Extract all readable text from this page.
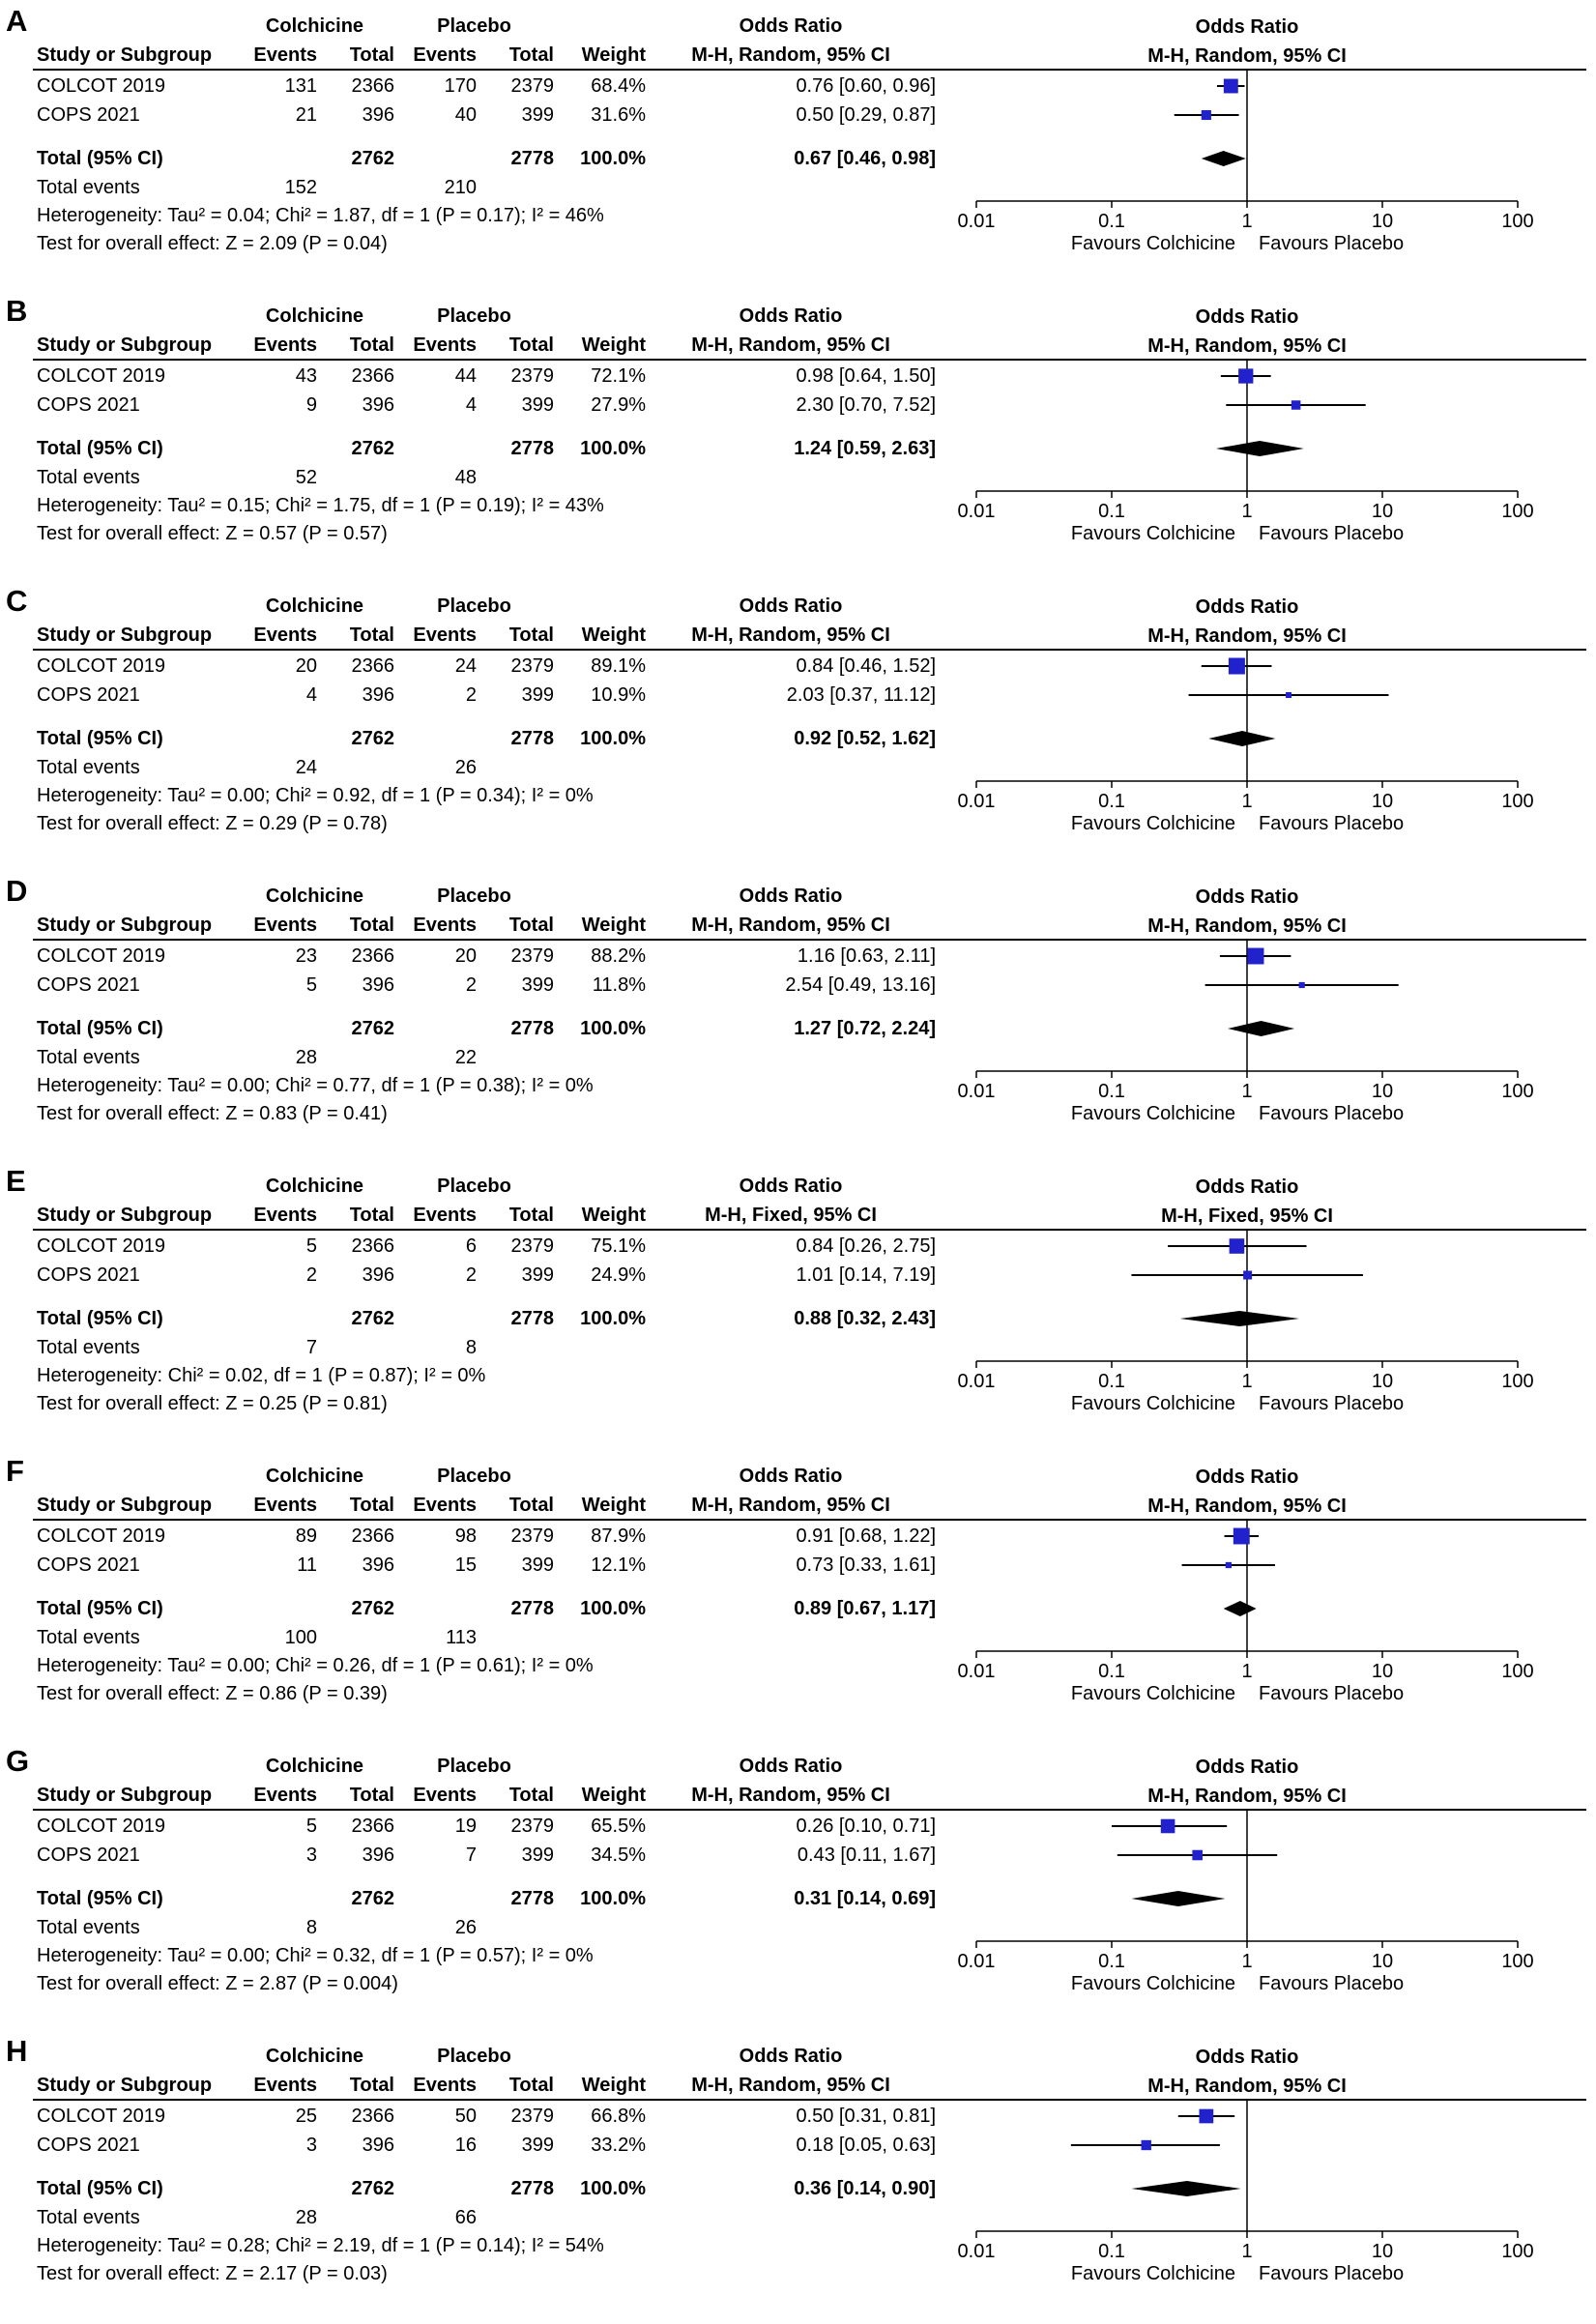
A	Colchicine	Placebo	Odds Ratio
Study or Subgroup	Events	Total Events	Total	Weight	M-H, Random, 95% CI
COLCOT 2019	131	2366	170	2379	68.4%	0.76 [0.60, 0.96]
COPS 2021	21	396	40	399	31.6%	0.50 [0.29, 0.87]
Total (95% CI)	2762	2778	100.0%	0.67 [0.46, 0.98]
Total events	152	210
Heterogeneity: Tau² = 0.04; Chi² = 1.87, df = 1 (P = 0.17); I² = 46%
Test for overall effect: Z = 2.09 (P = 0.04)
Odds Ratio
M-H, Random, 95% CI
0.01	0.1	1	10	100
Favours Colchicine Favours Placebo
B	Colchicine	Placebo	Odds Ratio
Study or Subgroup	Events	Total Events	Total	Weight	M-H, Random, 95% CI
COLCOT 2019	43	2366	44	2379	72.1%	0.98 [0.64, 1.50]
COPS 2021	9	396	4	399	27.9%	2.30 [0.70, 7.52]
Total (95% CI)	2762	2778	100.0%	1.24 [0.59, 2.63]
Total events	52	48
Heterogeneity: Tau² = 0.15; Chi² = 1.75, df = 1 (P = 0.19); I² = 43%
Test for overall effect: Z = 0.57 (P = 0.57)
Odds Ratio
M-H, Random, 95% CI
0.01	0.1	1	10	100
Favours Colchicine Favours Placebo
C	Colchicine	Placebo	Odds Ratio
Study or Subgroup	Events	Total Events	Total	Weight	M-H, Random, 95% CI
COLCOT 2019	20	2366	24	2379	89.1%	0.84 [0.46, 1.52]
COPS 2021	4	396	2	399	10.9%	2.03 [0.37, 11.12]
Total (95% CI)	2762	2778	100.0%	0.92 [0.52, 1.62]
Total events	24	26
Heterogeneity: Tau² = 0.00; Chi² = 0.92, df = 1 (P = 0.34); I² = 0%
Test for overall effect: Z = 0.29 (P = 0.78)
Odds Ratio
M-H, Random, 95% CI
0.01	0.1	1	10	100
Favours Colchicine Favours Placebo
D	Colchicine	Placebo	Odds Ratio
Study or Subgroup	Events	Total Events	Total	Weight	M-H, Random, 95% CI
COLCOT 2019	23	2366	20	2379	88.2%	1.16 [0.63, 2.11]
COPS 2021	5	396	2	399	11.8%	2.54 [0.49, 13.16]
Total (95% CI)	2762	2778	100.0%	1.27 [0.72, 2.24]
Total events	28	22
Heterogeneity: Tau² = 0.00; Chi² = 0.77, df = 1 (P = 0.38); I² = 0%
Test for overall effect: Z = 0.83 (P = 0.41)
Odds Ratio
M-H, Random, 95% CI
0.01	0.1	1	10	100
Favours Colchicine Favours Placebo
E	Colchicine	Placebo	Odds Ratio
Study or Subgroup	Events	Total Events	Total	Weight	M-H, Fixed, 95% CI
COLCOT 2019	5	2366	6	2379	75.1%	0.84 [0.26, 2.75]
COPS 2021	2	396	2	399	24.9%	1.01 [0.14, 7.19]
Total (95% CI)	2762	2778	100.0%	0.88 [0.32, 2.43]
Total events	7	8
Heterogeneity: Chi² = 0.02, df = 1 (P = 0.87); I² = 0%
Test for overall effect: Z = 0.25 (P = 0.81)
Odds Ratio
M-H, Fixed, 95% CI
0.01	0.1	1	10	100
Favours Colchicine Favours Placebo
F	Colchicine	Placebo	Odds Ratio
Study or Subgroup	Events	Total Events	Total	Weight	M-H, Random, 95% CI
COLCOT 2019	89	2366	98	2379	87.9%	0.91 [0.68, 1.22]
COPS 2021	11	396	15	399	12.1%	0.73 [0.33, 1.61]
Total (95% CI)	2762	2778	100.0%	0.89 [0.67, 1.17]
Total events	100	113
Heterogeneity: Tau² = 0.00; Chi² = 0.26, df = 1 (P = 0.61); I² = 0%
Test for overall effect: Z = 0.86 (P = 0.39)
Odds Ratio
M-H, Random, 95% CI
0.01	0.1	1	10	100
Favours Colchicine Favours Placebo
G	Colchicine	Placebo	Odds Ratio
Study or Subgroup	Events	Total Events	Total	Weight	M-H, Random, 95% CI
COLCOT 2019	5	2366	19	2379	65.5%	0.26 [0.10, 0.71]
COPS 2021	3	396	7	399	34.5%	0.43 [0.11, 1.67]
Total (95% CI)	2762	2778	100.0%	0.31 [0.14, 0.69]
Total events	8	26
Heterogeneity: Tau² = 0.00; Chi² = 0.32, df = 1 (P = 0.57); I² = 0%
Test for overall effect: Z = 2.87 (P = 0.004)
Odds Ratio
M-H, Random, 95% CI
0.01	0.1	1	10	100
Favours Colchicine Favours Placebo
H	Colchicine	Placebo	Odds Ratio
Study or Subgroup	Events	Total Events	Total	Weight	M-H, Random, 95% CI
COLCOT 2019	25	2366	50	2379	66.8%	0.50 [0.31, 0.81]
COPS 2021	3	396	16	399	33.2%	0.18 [0.05, 0.63]
Total (95% CI)	2762	2778	100.0%	0.36 [0.14, 0.90]
Total events	28	66
Heterogeneity: Tau² = 0.28; Chi² = 2.19, df = 1 (P = 0.14); I² = 54%
Test for overall effect: Z = 2.17 (P = 0.03)
Odds Ratio
M-H, Random, 95% CI
0.01	0.1	1	10	100
Favours Colchicine Favours Placebo
